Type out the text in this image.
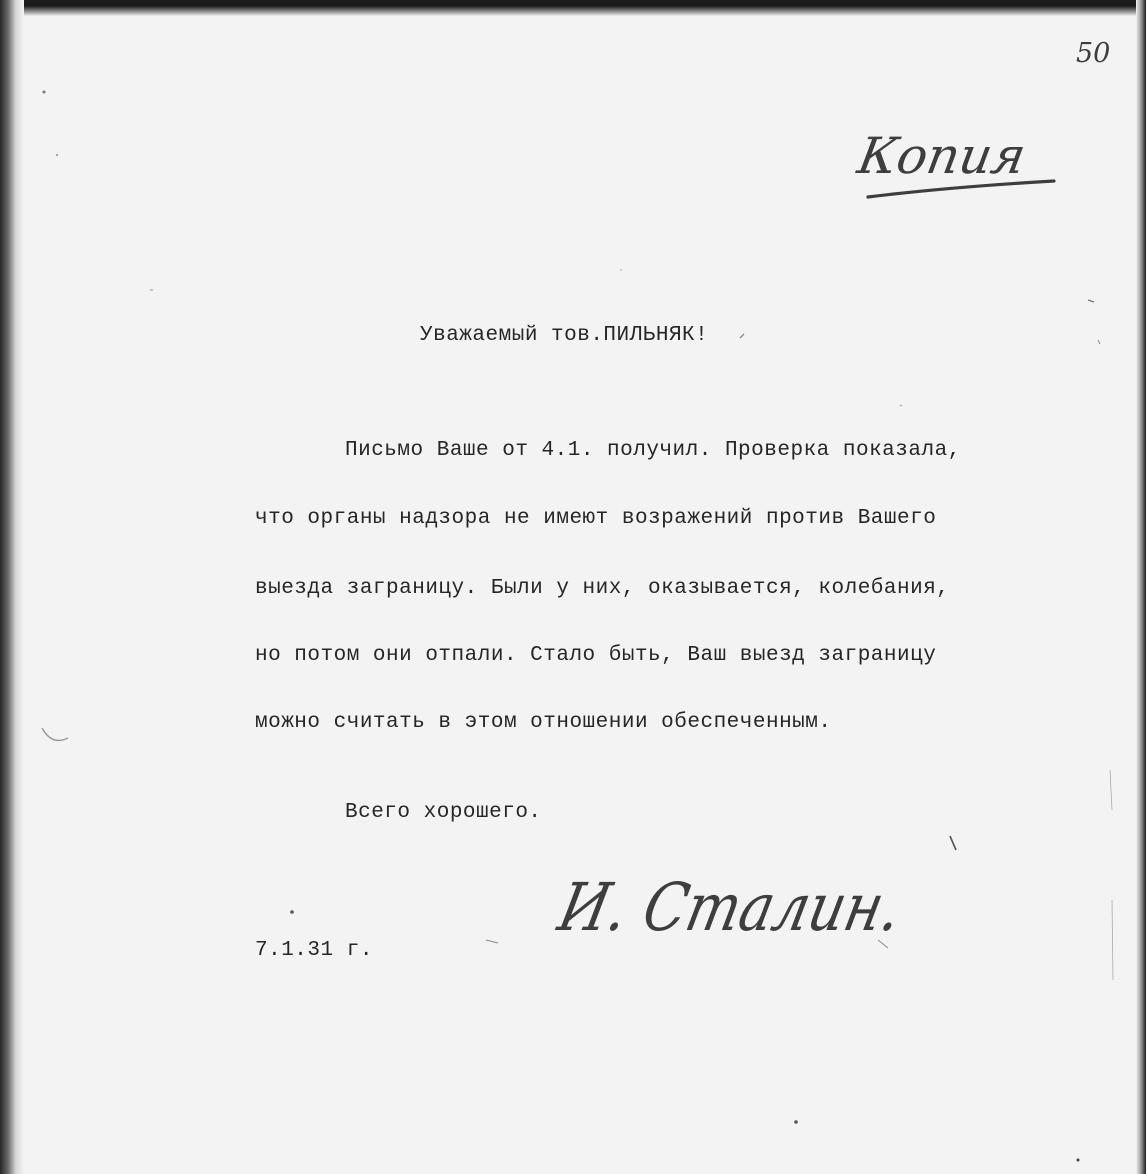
50
Копия
Уважаемый тов.ПИЛЬНЯК!
Письмо Ваше от 4.1. получил. Проверка показала,
что органы надзора не имеют возражений против Вашего
выезда заграницу. Были у них, оказывается, колебания,
но потом они отпали. Стало быть, Ваш выезд заграницу
можно считать в этом отношении обеспеченным.
Всего хорошего.
И. Сталин.
7.1.31 г.
